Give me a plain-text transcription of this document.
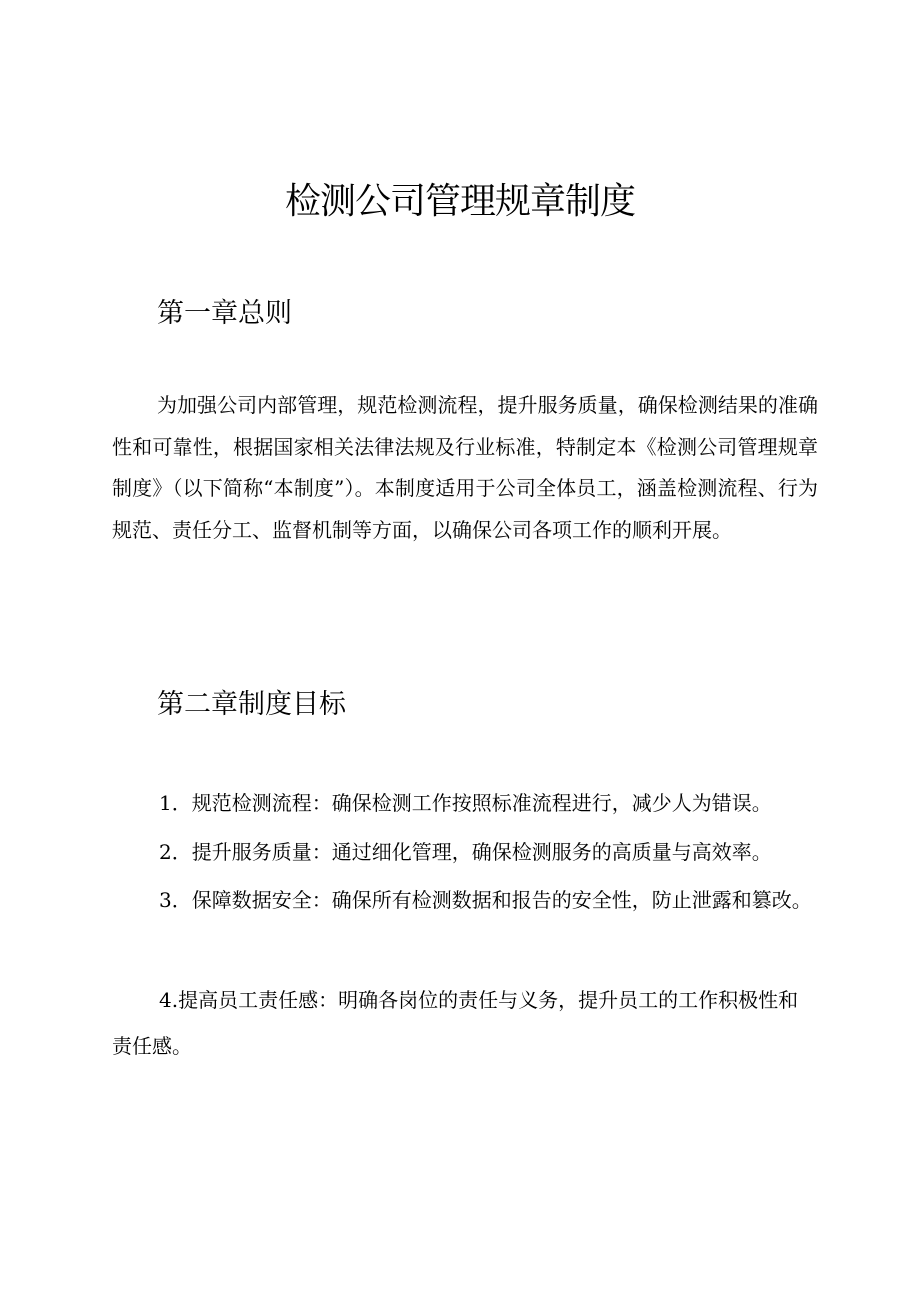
检测公司管理规章制度
第一章总则

为加强公司内部管理，规范检测流程，提升服务质量，确保检测结果的准确性和可靠性，根据国家相关法律法规及行业标准，特制定本《检测公司管理规章制度》（以下简称“本制度”）。本制度适用于公司全体员工，涵盖检测流程、行为规范、责任分工、监督机制等方面，以确保公司各项工作的顺利开展。

第二章制度目标

1．规范检测流程：确保检测工作按照标准流程进行，减少人为错误。

2．提升服务质量：通过细化管理，确保检测服务的高质量与高效率。

3．保障数据安全：确保所有检测数据和报告的安全性，防止泄露和篡改。

4.提高员工责任感：明确各岗位的责任与义务，提升员工的工作积极性和责任感。
